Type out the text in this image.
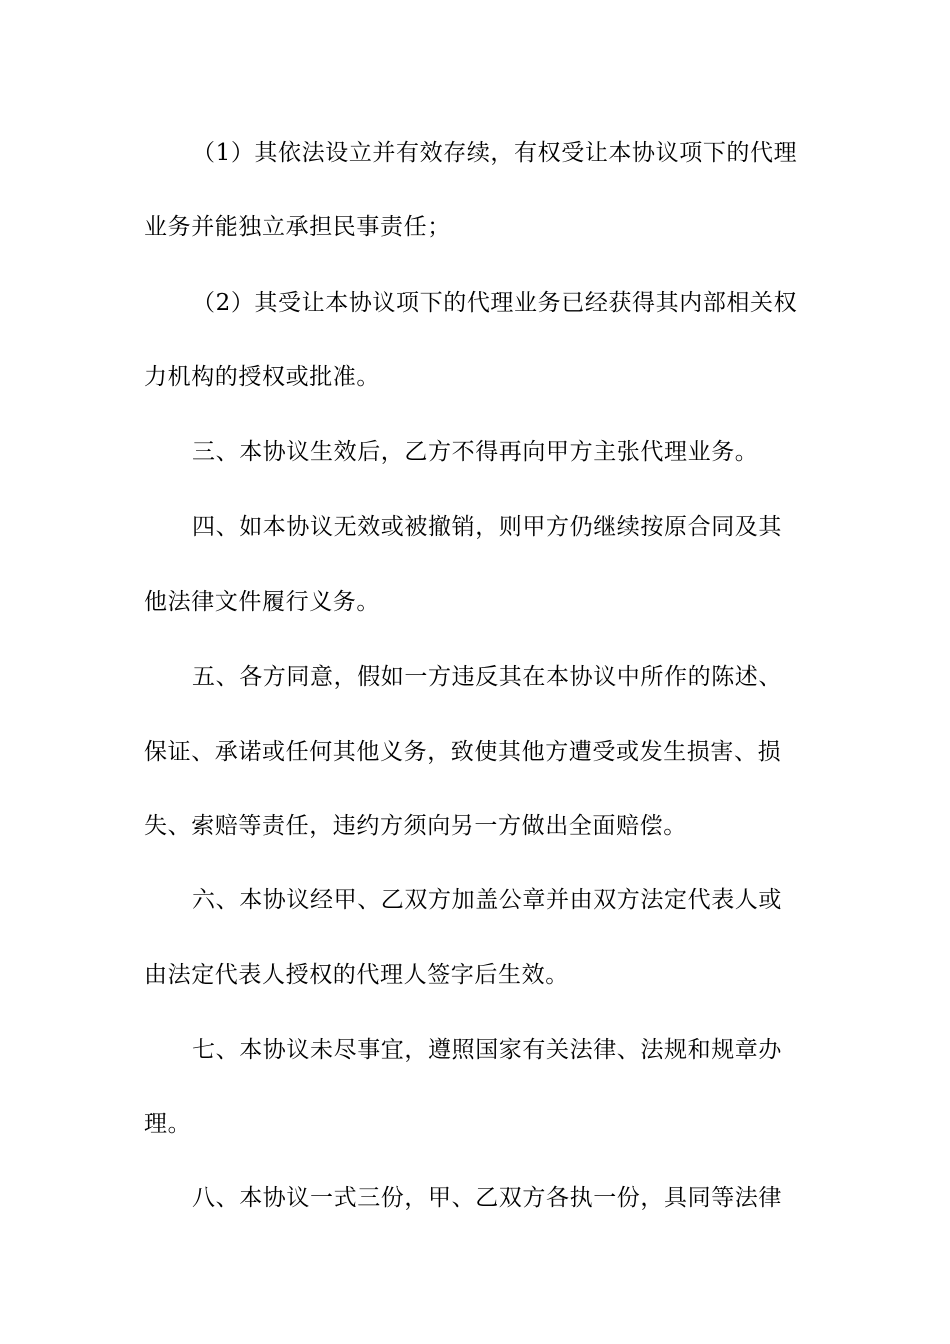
（1）其依法设立并有效存续，有权受让本协议项下的代理
业务并能独立承担民事责任；
（2）其受让本协议项下的代理业务已经获得其内部相关权
力机构的授权或批准。
三、本协议生效后，乙方不得再向甲方主张代理业务。
四、如本协议无效或被撤销，则甲方仍继续按原合同及其
他法律文件履行义务。
五、各方同意，假如一方违反其在本协议中所作的陈述、
保证、承诺或任何其他义务，致使其他方遭受或发生损害、损
失、索赔等责任，违约方须向另一方做出全面赔偿。
六、本协议经甲、乙双方加盖公章并由双方法定代表人或
由法定代表人授权的代理人签字后生效。
七、本协议未尽事宜，遵照国家有关法律、法规和规章办
理。
八、本协议一式三份，甲、乙双方各执一份，具同等法律
